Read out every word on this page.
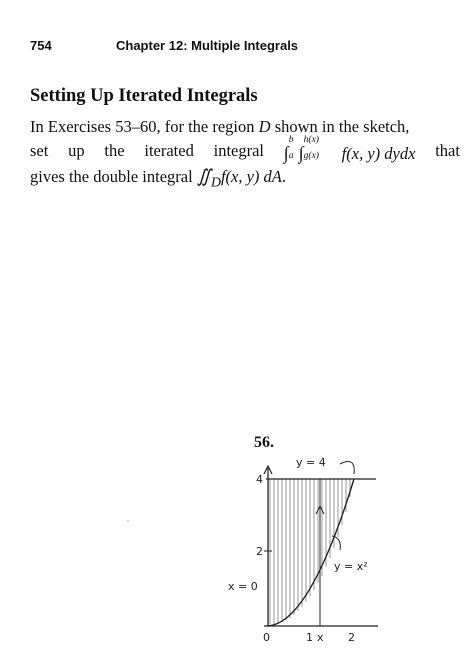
754	Chapter 12: Multiple Integrals
Setting Up Iterated Integrals
In Exercises 53–60, for the region D shown in the sketch,
set up the iterated integral ∫
b
a ∫
h(x)
g(x) f(x, y) dydx that
gives the double integral $∬_Df(x$, y) dA.
56.
y = 4
y = x²
x = 0
4
2
0	1 x 2
